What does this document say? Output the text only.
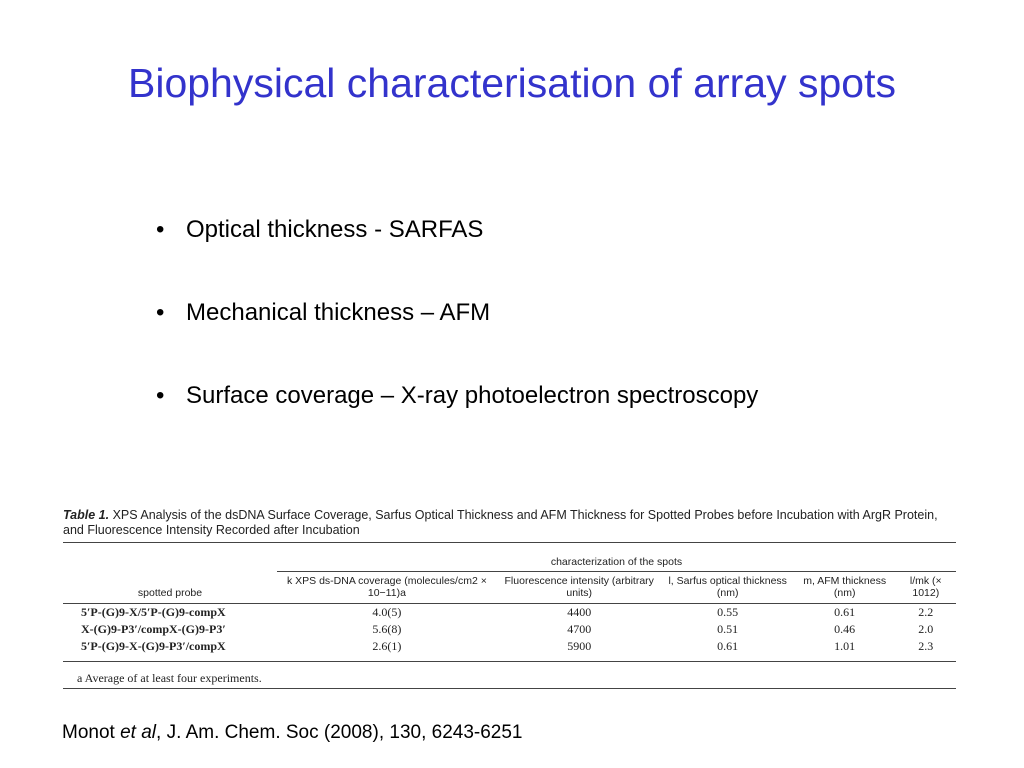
Biophysical characterisation of array spots
• Optical thickness - SARFAS
• Mechanical thickness – AFM
• Surface coverage – X-ray photoelectron spectroscopy
Table 1. XPS Analysis of the dsDNA Surface Coverage, Sarfus Optical Thickness and AFM Thickness for Spotted Probes before Incubation with ArgR Protein, and Fluorescence Intensity Recorded after Incubation
	characterization of the spots				
spotted probe	k XPS ds-DNA coverage (molecules/cm2 × 10−11)a	Fluorescence intensity (arbitrary units)	l, Sarfus optical thickness (nm)	m, AFM thickness (nm)	l/mk (× 1012)
5′P-(G)9-X/5′P-(G)9-compX	4.0(5)	4400	0.55	0.61	2.2
X-(G)9-P3′/compX-(G)9-P3′	5.6(8)	4700	0.51	0.46	2.0
5′P-(G)9-X-(G)9-P3′/compX	2.6(1)	5900	0.61	1.01	2.3

a Average of at least four experiments.
Monot et al, J. Am. Chem. Soc (2008), 130, 6243-6251
